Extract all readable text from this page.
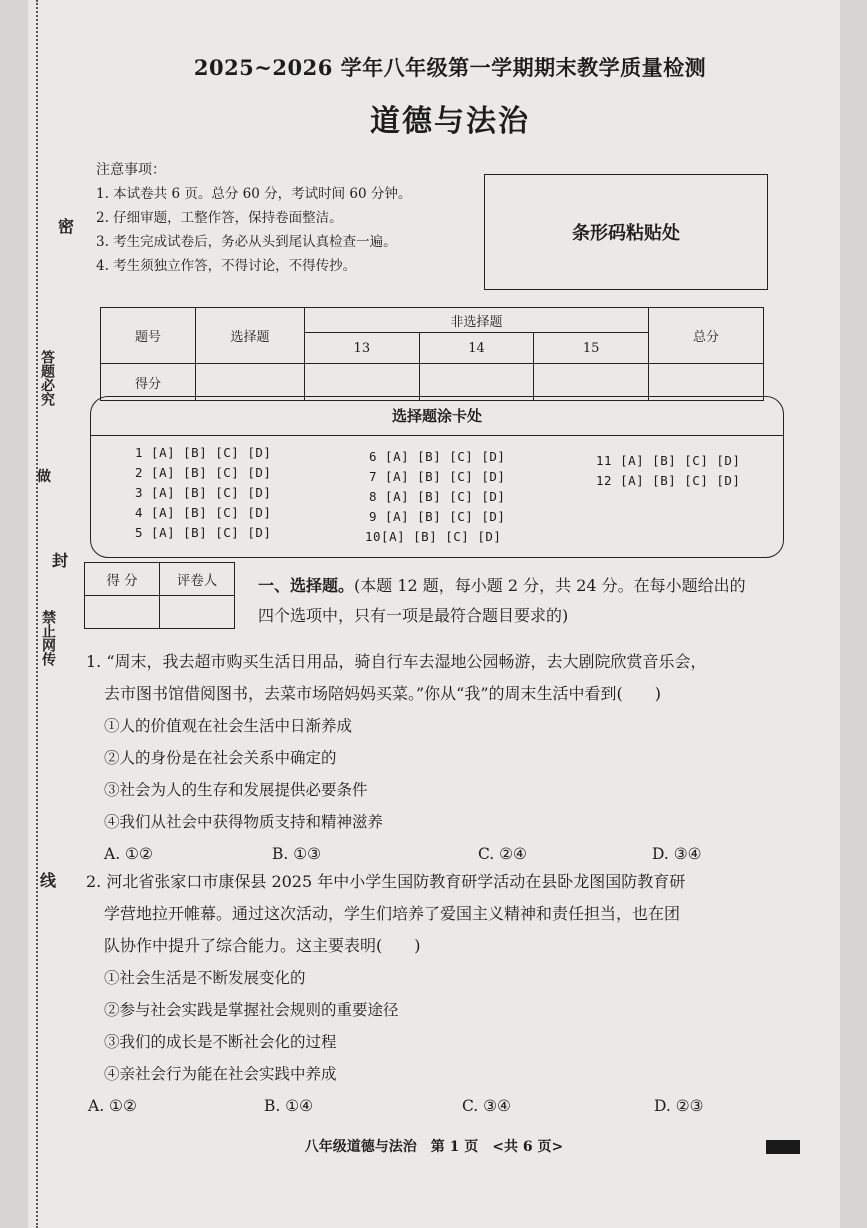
密
答题必究
做
封
禁止网传
线
2025~2026 学年八年级第一学期期末教学质量检测
道德与法治
注意事项：
1. 本试卷共 6 页。总分 60 分，考试时间 60 分钟。
2. 仔细审题，工整作答，保持卷面整洁。
3. 考生完成试卷后，务必从头到尾认真检查一遍。
4. 考生须独立作答，不得讨论，不得传抄。
条形码粘贴处
题号	选择题	非选择题			总分
		13	14	15	
得分					
选择题涂卡处
1 [A] [B] [C] [D]
2 [A] [B] [C] [D]
3 [A] [B] [C] [D]
4 [A] [B] [C] [D]
5 [A] [B] [C] [D]
6 [A] [B] [C] [D]
7 [A] [B] [C] [D]
8 [A] [B] [C] [D]
9 [A] [B] [C] [D]
10[A] [B] [C] [D]
11 [A] [B] [C] [D]
12 [A] [B] [C] [D]
得 分	评卷人
		一、选择题。(本题 12 题，每小题 2 分，共 24 分。在每小题给出的
四个选项中，只有一项是最符合题目要求的)
1. “周末，我去超市购买生活日用品，骑自行车去湿地公园畅游，去大剧院欣赏音乐会，
去市图书馆借阅图书，去菜市场陪妈妈买菜。”你从“我”的周末生活中看到(　　)
①人的价值观在社会生活中日渐养成
②人的身份是在社会关系中确定的
③社会为人的生存和发展提供必要条件
④我们从社会中获得物质支持和精神滋养
A. ①②	B. ①③	C. ②④	D. ③④
2. 河北省张家口市康保县 2025 年中小学生国防教育研学活动在县卧龙图国防教育研
学营地拉开帷幕。通过这次活动，学生们培养了爱国主义精神和责任担当，也在团
队协作中提升了综合能力。这主要表明(　　)
①社会生活是不断发展变化的
②参与社会实践是掌握社会规则的重要途径
③我们的成长是不断社会化的过程
④亲社会行为能在社会实践中养成
A. ①②	B. ①④	C. ③④	D. ②③
八年级道德与法治　第 1 页　<共 6 页>
